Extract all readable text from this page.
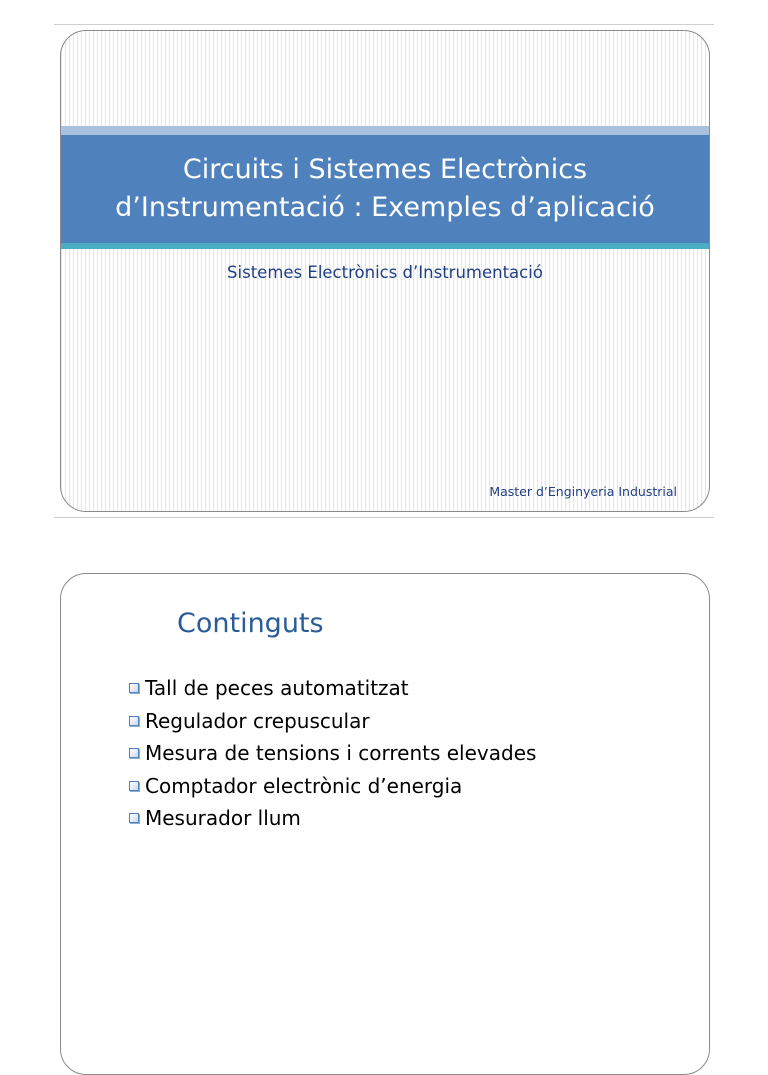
Circuits i Sistemes Electrònics
d’Instrumentació : Exemples d’aplicació
Sistemes Electrònics d’Instrumentació
Master d’Enginyeria Industrial
Continguts
Tall de peces automatitzat
Regulador crepuscular
Mesura de tensions i corrents elevades
Comptador electrònic d’energia
Mesurador llum
